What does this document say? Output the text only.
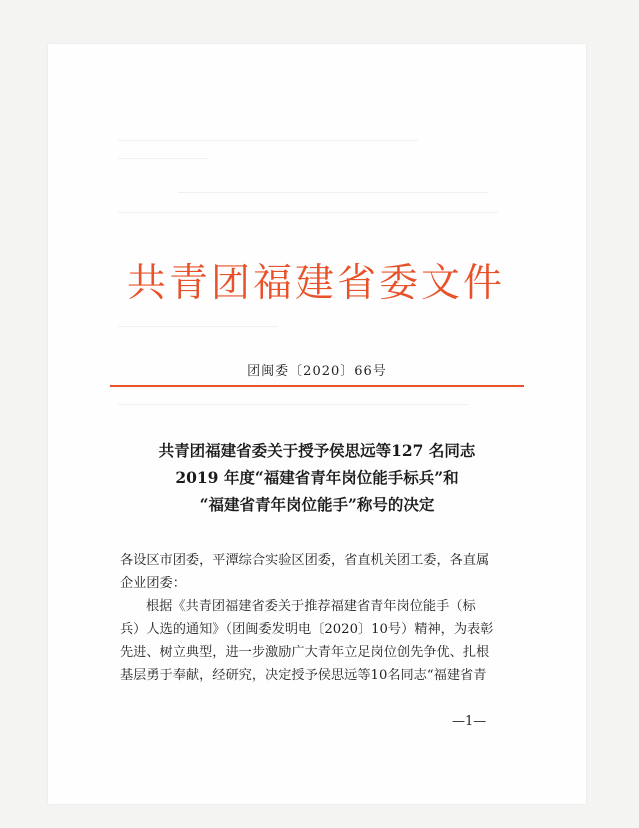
共青团福建省委文件
团闽委〔2020〕66号
共青团福建省委关于授予侯思远等127 名同志
2019 年度“福建省青年岗位能手标兵”和
“福建省青年岗位能手”称号的决定

各设区市团委，平潭综合实验区团委，省直机关团工委，各直属

企业团委：

根据《共青团福建省委关于推荐福建省青年岗位能手（标

兵）人选的通知》（团闽委发明电〔2020〕10号）精神，为表彰

先进、树立典型，进一步激励广大青年立足岗位创先争优、扎根

基层勇于奉献，经研究，决定授予侯思远等10名同志“福建省青

—1—
